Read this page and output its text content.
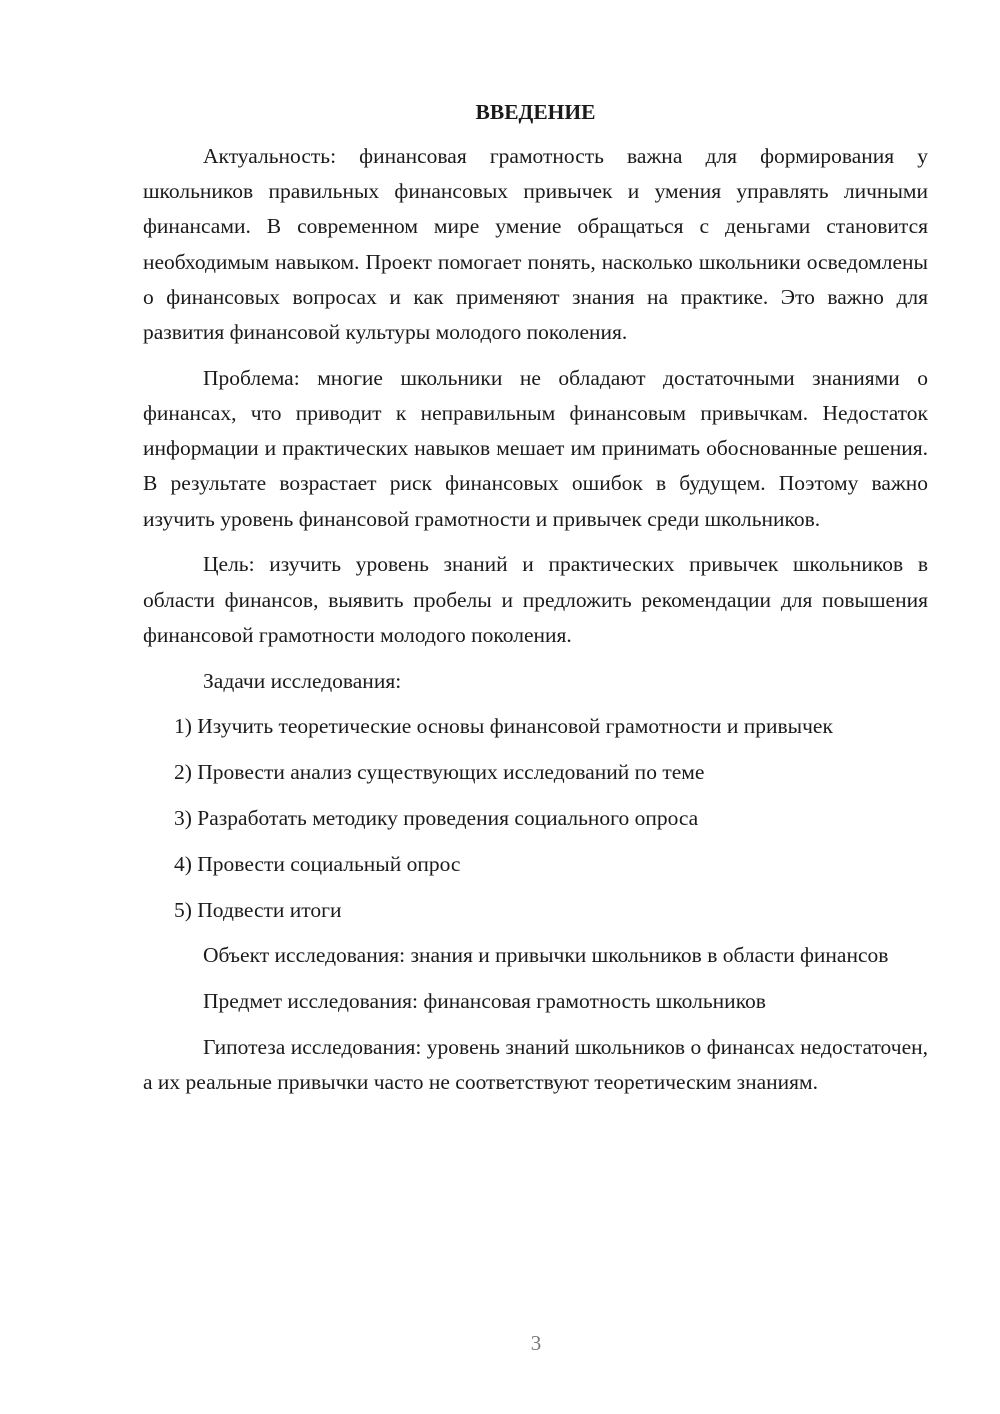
ВВЕДЕНИЕ

Актуальность: финансовая грамотность важна для формирования у школьников правильных финансовых привычек и умения управлять личными финансами. В современном мире умение обращаться с деньгами становится необходимым навыком. Проект помогает понять, насколько школьники осведомлены о финансовых вопросах и как применяют знания на практике. Это важно для развития финансовой культуры молодого поколения.

Проблема: многие школьники не обладают достаточными знаниями о финансах, что приводит к неправильным финансовым привычкам. Недостаток информации и практических навыков мешает им принимать обоснованные решения. В результате возрастает риск финансовых ошибок в будущем. Поэтому важно изучить уровень финансовой грамотности и привычек среди школьников.

Цель: изучить уровень знаний и практических привычек школьников в области финансов, выявить пробелы и предложить рекомендации для повышения финансовой грамотности молодого поколения.

Задачи исследования:

1) Изучить теоретические основы финансовой грамотности и привычек

2) Провести анализ существующих исследований по теме

3) Разработать методику проведения социального опроса

4) Провести социальный опрос

5) Подвести итоги

Объект исследования: знания и привычки школьников в области финансов

Предмет исследования: финансовая грамотность школьников

Гипотеза исследования: уровень знаний школьников о финансах недостаточен, а их реальные привычки часто не соответствуют теоретическим знаниям.

3
